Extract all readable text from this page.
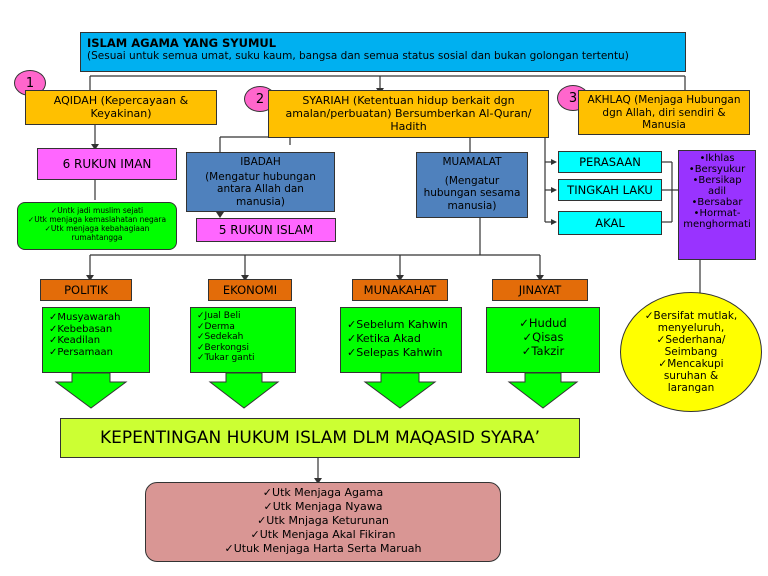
ISLAM AGAMA YANG SYUMUL
(Sesuai untuk semua umat, suku kaum, bangsa dan semua status sosial dan bukan golongan tertentu)
1
2	3
AQIDAH (Kepercayaan & Keyakinan)
SYARIAH (Ketentuan hidup berkait dgn amalan/perbuatan) Bersumberkan Al-Quran/ Hadith
AKHLAQ (Menjaga Hubungan dgn Allah, diri sendiri & Manusia
6 RUKUN IMAN
✓ Untk jadi muslim sejati
✓ Utk menjaga kemaslahatan negara
✓ Utk menjaga kebahagiaan rumahtangga
IBADAH
(Mengatur hubungan antara Allah dan manusia)
5 RUKUN ISLAM
MUAMALAT
(Mengatur hubungan sesama manusia)
PERASAAN
TINGKAH LAKU
AKAL
• Ikhlas
• Bersyukur
• Bersikap adil
• Bersabar
• Hormat-menghormati
✓ Bersifat mutlak, menyeluruh,
✓ Sederhana/ Seimbang
✓ Mencakupi suruhan & larangan
POLITIK
✓ Musyawarah
✓ Kebebasan
✓ Keadilan
✓ Persamaan
EKONOMI
✓ Jual Beli
✓ Derma
✓ Sedekah
✓ Berkongsi
✓ Tukar ganti
MUNAKAHAT
✓ Sebelum Kahwin
✓ Ketika Akad
✓ Selepas Kahwin
JINAYAT
✓ Hudud
✓ Qisas
✓ Takzir
KEPENTINGAN HUKUM ISLAM DLM MAQASID SYARA’
✓ Utk Menjaga Agama
✓ Utk Menjaga Nyawa
✓ Utk Mnjaga Keturunan
✓ Utk Menjaga Akal Fikiran
✓ Utuk Menjaga Harta Serta Maruah
